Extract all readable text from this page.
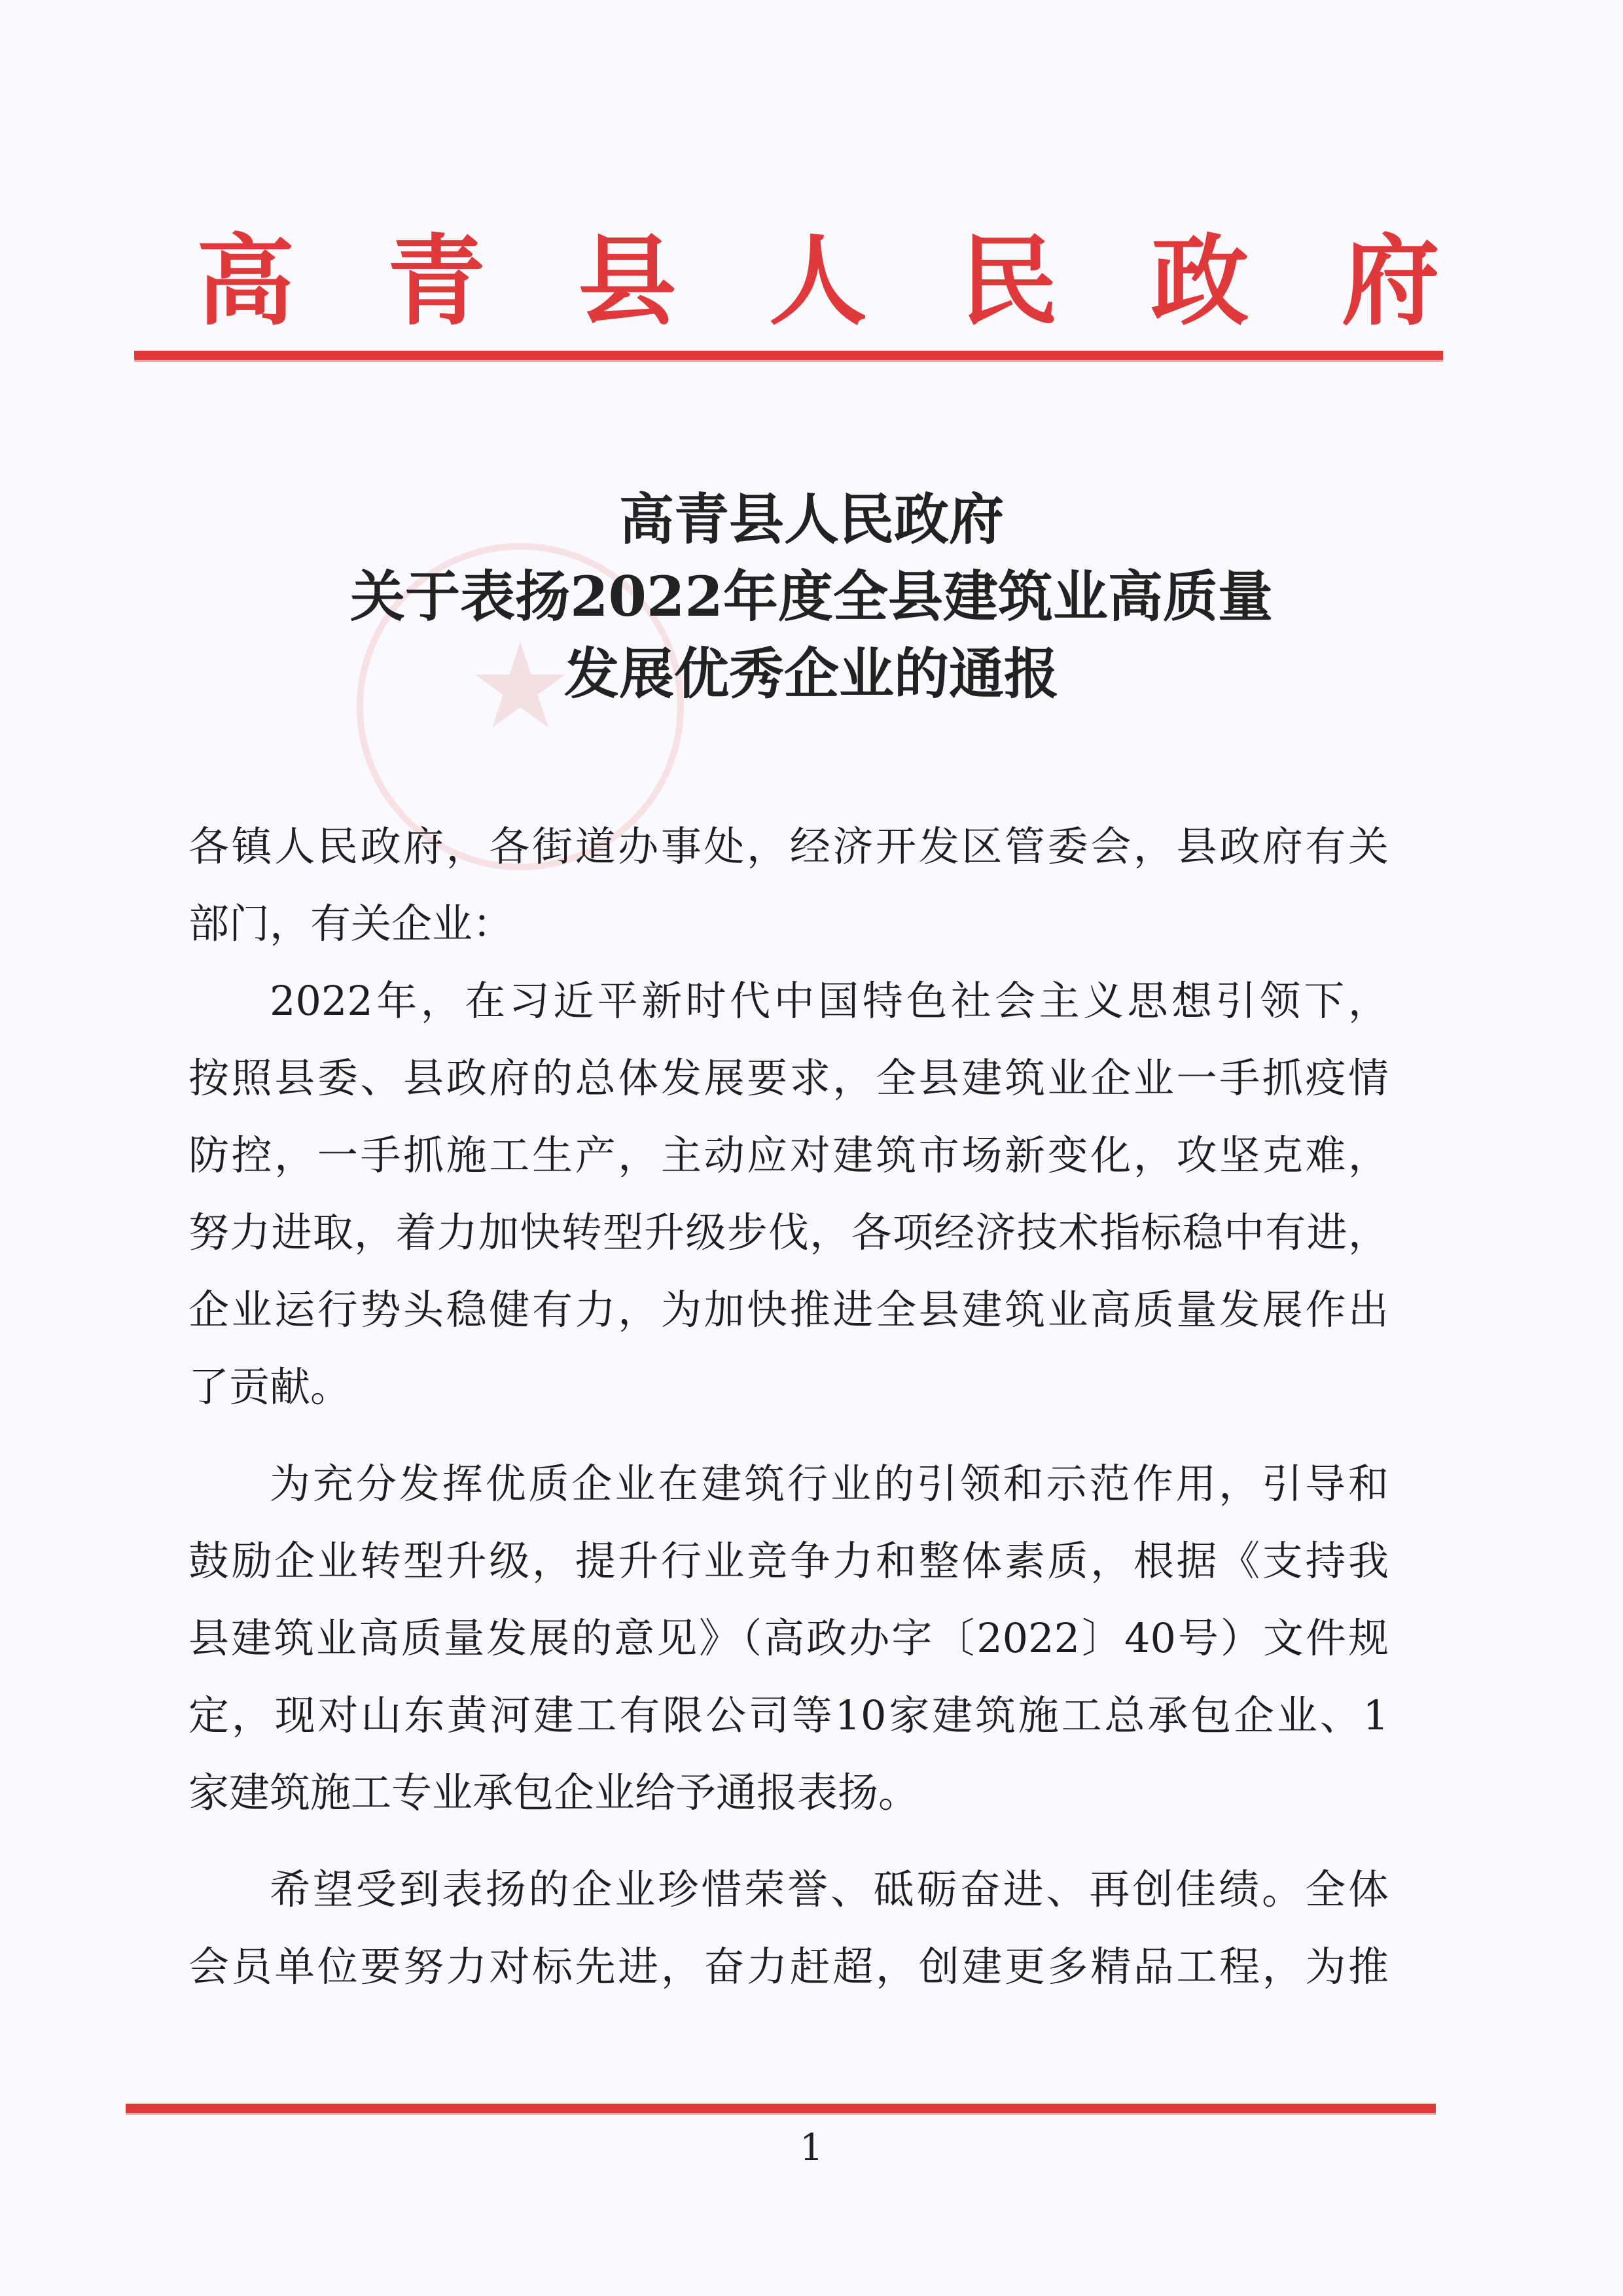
高 青 县 人 民 政 府
★
高青县人民政府
关于表扬2022年度全县建筑业高质量
发展优秀企业的通报
各镇人民政府，各街道办事处，经济开发区管委会，县政府有关
部门，有关企业：
2022年，在习近平新时代中国特色社会主义思想引领下，
按照县委、县政府的总体发展要求，全县建筑业企业一手抓疫情
防控，一手抓施工生产，主动应对建筑市场新变化，攻坚克难，
努力进取，着力加快转型升级步伐，各项经济技术指标稳中有进，
企业运行势头稳健有力，为加快推进全县建筑业高质量发展作出
了贡献。
为充分发挥优质企业在建筑行业的引领和示范作用，引导和
鼓励企业转型升级，提升行业竞争力和整体素质，根据《支持我
县建筑业高质量发展的意见》（高政办字〔2022〕40号）文件规
定，现对山东黄河建工有限公司等10家建筑施工总承包企业、1
家建筑施工专业承包企业给予通报表扬。
希望受到表扬的企业珍惜荣誉、砥砺奋进、再创佳绩。全体
会员单位要努力对标先进，奋力赶超，创建更多精品工程，为推
1
